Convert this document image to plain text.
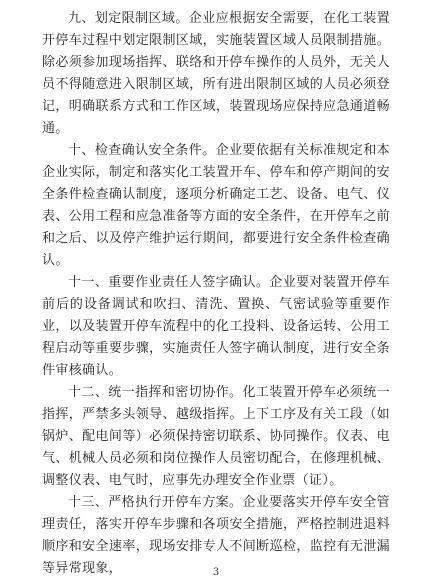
九、划定限制区域。企业应根据安全需要，在化工装置开停车过程中划定限制区域，实施装置区域人员限制措施。除必须参加现场指挥、联络和开停车操作的人员外，无关人员不得随意进入限制区域，所有进出限制区域的人员必须登记，明确联系方式和工作区域，装置现场应保持应急通道畅通。

十、检查确认安全条件。企业要依据有关标准规定和本企业实际，制定和落实化工装置开车、停车和停产期间的安全条件检查确认制度，逐项分析确定工艺、设备、电气、仪表、公用工程和应急准备等方面的安全条件，在开停车之前和之后、以及停产维护运行期间，都要进行安全条件检查确认。

十一、重要作业责任人签字确认。企业要对装置开停车前后的设备调试和吹扫、清洗、置换、气密试验等重要作业，以及装置开停车流程中的化工投料、设备运转、公用工程启动等重要步骤，实施责任人签字确认制度，进行安全条件审核确认。

十二、统一指挥和密切协作。化工装置开停车必须统一指挥，严禁多头领导、越级指挥。上下工序及有关工段（如锅炉、配电间等）必须保持密切联系、协同操作。仪表、电气、机械人员必须和岗位操作人员密切配合，在修理机械、调整仪表、电气时，应事先办理安全作业票（证）。

十三、严格执行开停车方案。企业要落实开停车安全管理责任，落实开停车步骤和各项安全措施，严格控制进退料顺序和安全速率，现场安排专人不间断巡检，监控有无泄漏等异常现象，	3
